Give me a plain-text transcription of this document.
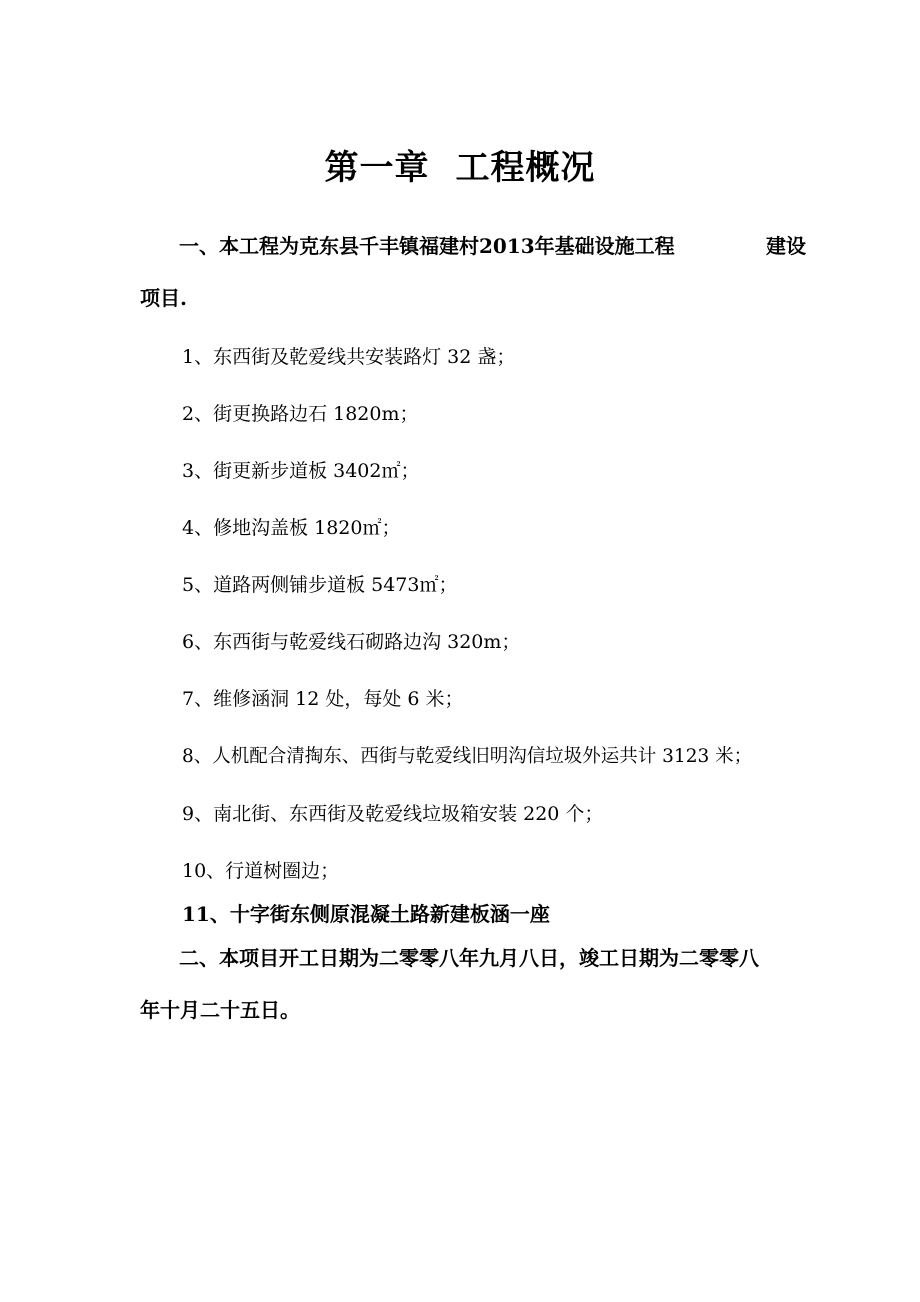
第一章 工程概况
一、本工程为克东县千丰镇福建村2013年基础设施工程	建设
项目.
1、东西街及乾爱线共安装路灯 32 盏；
2、街更换路边石 1820m；
3、街更新步道板 3402㎡；
4、修地沟盖板 1820㎡；
5、道路两侧铺步道板 5473㎡；
6、东西街与乾爱线石砌路边沟 320m；
7、维修涵洞 12 处，每处 6 米；
8、人机配合清掏东、西街与乾爱线旧明沟信垃圾外运共计 3123 米；
9、南北街、东西街及乾爱线垃圾箱安装 220 个；
10、行道树圈边；
11、十字街东侧原混凝土路新建板涵一座
二、本项目开工日期为二零零八年九月八日，竣工日期为二零零八
年十月二十五日。
